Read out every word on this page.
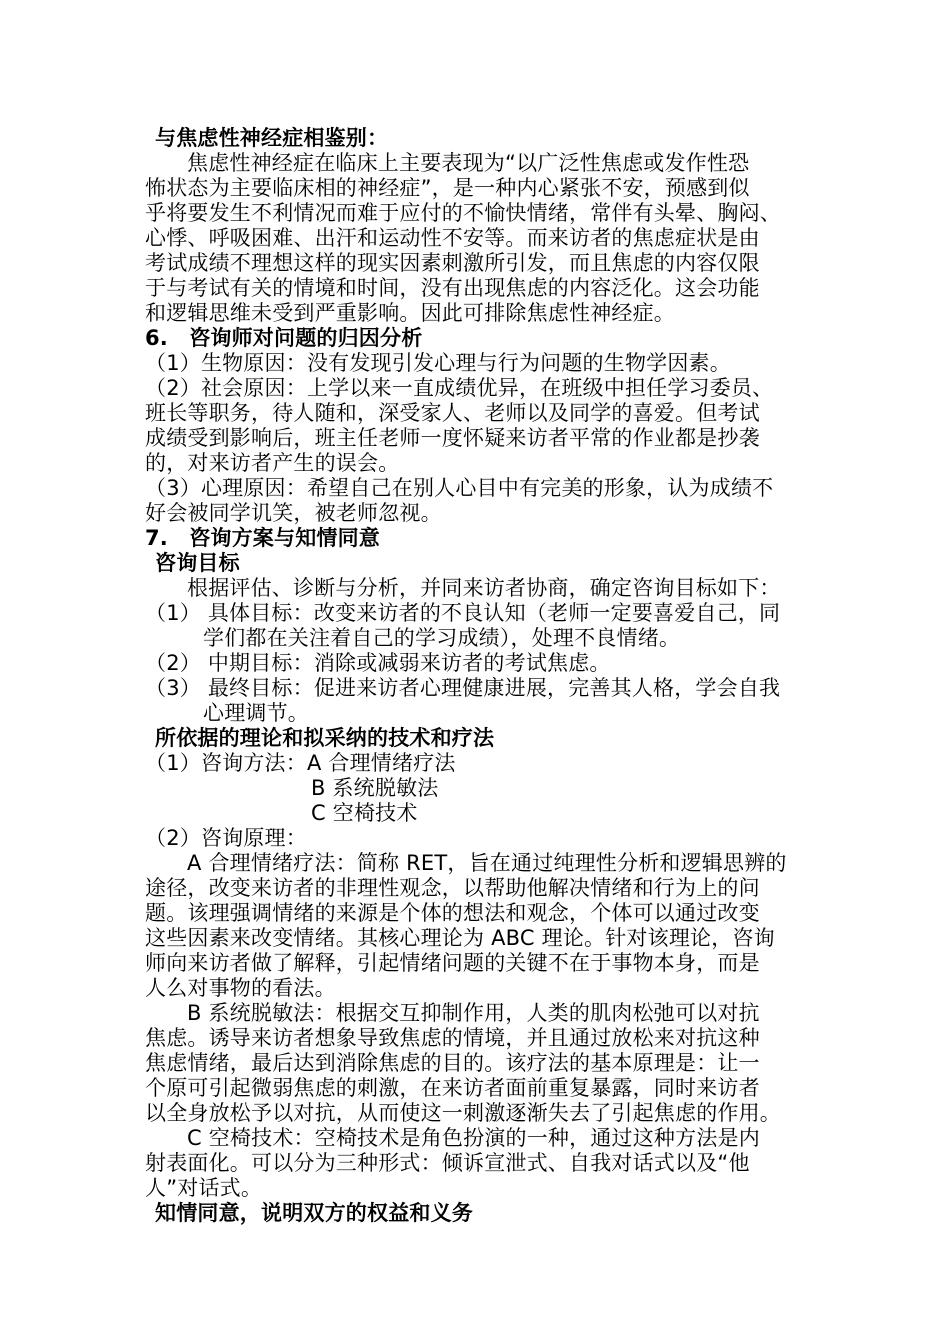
与焦虑性神经症相鉴别：
焦虑性神经症在临床上主要表现为“以广泛性焦虑或发作性恐
怖状态为主要临床相的神经症”，是一种内心紧张不安，预感到似
乎将要发生不利情况而难于应付的不愉快情绪，常伴有头晕、胸闷、
心悸、呼吸困难、出汗和运动性不安等。而来访者的焦虑症状是由
考试成绩不理想这样的现实因素刺激所引发，而且焦虑的内容仅限
于与考试有关的情境和时间，没有出现焦虑的内容泛化。这会功能
和逻辑思维未受到严重影响。因此可排除焦虑性神经症。
6.　咨询师对问题的归因分析
（1）生物原因：没有发现引发心理与行为问题的生物学因素。
（2）社会原因：上学以来一直成绩优异，在班级中担任学习委员、
班长等职务，待人随和，深受家人、老师以及同学的喜爱。但考试
成绩受到影响后，班主任老师一度怀疑来访者平常的作业都是抄袭
的，对来访者产生的误会。
（3）心理原因：希望自己在别人心目中有完美的形象，认为成绩不
好会被同学讥笑，被老师忽视。
7.　咨询方案与知情同意
咨询目标
根据评估、诊断与分析，并同来访者协商，确定咨询目标如下：
（1） 具体目标：改变来访者的不良认知（老师一定要喜爱自己，同
学们都在关注着自己的学习成绩），处理不良情绪。
（2） 中期目标：消除或减弱来访者的考试焦虑。
（3） 最终目标：促进来访者心理健康进展，完善其人格，学会自我
心理调节。
所依据的理论和拟采纳的技术和疗法
（1）咨询方法：A 合理情绪疗法
B 系统脱敏法
C 空椅技术
（2）咨询原理：
A 合理情绪疗法：简称 RET，旨在通过纯理性分析和逻辑思辨的
途径，改变来访者的非理性观念，以帮助他解决情绪和行为上的问
题。该理强调情绪的来源是个体的想法和观念，个体可以通过改变
这些因素来改变情绪。其核心理论为 ABC 理论。针对该理论，咨询
师向来访者做了解释，引起情绪问题的关键不在于事物本身，而是
人么对事物的看法。
B 系统脱敏法：根据交互抑制作用，人类的肌肉松弛可以对抗
焦虑。诱导来访者想象导致焦虑的情境，并且通过放松来对抗这种
焦虑情绪，最后达到消除焦虑的目的。该疗法的基本原理是：让一
个原可引起微弱焦虑的刺激，在来访者面前重复暴露，同时来访者
以全身放松予以对抗，从而使这一刺激逐渐失去了引起焦虑的作用。
C 空椅技术：空椅技术是角色扮演的一种，通过这种方法是内
射表面化。可以分为三种形式：倾诉宣泄式、自我对话式以及“他
人”对话式。
知情同意，说明双方的权益和义务
